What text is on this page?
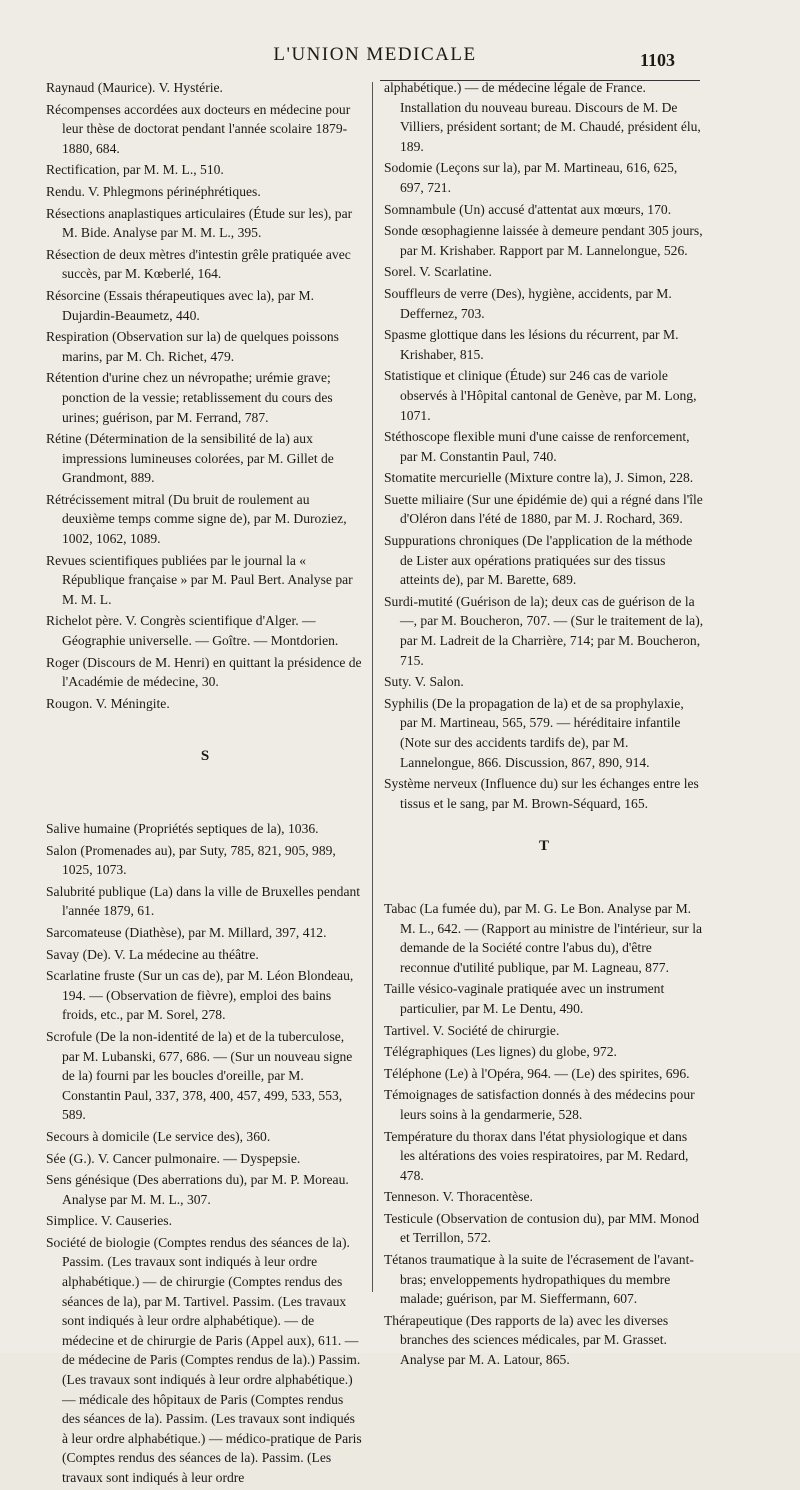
L'UNION MEDICALE	1103

Raynaud (Maurice). V. Hystérie.

Récompenses accordées aux docteurs en médecine pour leur thèse de doctorat pendant l'année scolaire 1879-1880, 684.

Rectification, par M. M. L., 510.

Rendu. V. Phlegmons périnéphrétiques.

Résections anaplastiques articulaires (Étude sur les), par M. Bide. Analyse par M. M. L., 395.

Résection de deux mètres d'intestin grêle pratiquée avec succès, par M. Kœberlé, 164.

Résorcine (Essais thérapeutiques avec la), par M. Dujardin-Beaumetz, 440.

Respiration (Observation sur la) de quelques poissons marins, par M. Ch. Richet, 479.

Rétention d'urine chez un névropathe; urémie grave; ponction de la vessie; retablissement du cours des urines; guérison, par M. Ferrand, 787.

Rétine (Détermination de la sensibilité de la) aux impressions lumineuses colorées, par M. Gillet de Grandmont, 889.

Rétrécissement mitral (Du bruit de roulement au deuxième temps comme signe de), par M. Duroziez, 1002, 1062, 1089.

Revues scientifiques publiées par le journal la « République française » par M. Paul Bert. Analyse par M. M. L.

Richelot père. V. Congrès scientifique d'Alger. — Géographie universelle. — Goître. — Montdorien.

Roger (Discours de M. Henri) en quittant la présidence de l'Académie de médecine, 30.

Rougon. V. Méningite.

S

Salive humaine (Propriétés septiques de la), 1036.

Salon (Promenades au), par Suty, 785, 821, 905, 989, 1025, 1073.

Salubrité publique (La) dans la ville de Bruxelles pendant l'année 1879, 61.

Sarcomateuse (Diathèse), par M. Millard, 397, 412.

Savay (De). V. La médecine au théâtre.

Scarlatine fruste (Sur un cas de), par M. Léon Blondeau, 194. — (Observation de fièvre), emploi des bains froids, etc., par M. Sorel, 278.

Scrofule (De la non-identité de la) et de la tuberculose, par M. Lubanski, 677, 686. — (Sur un nouveau signe de la) fourni par les boucles d'oreille, par M. Constantin Paul, 337, 378, 400, 457, 499, 533, 553, 589.

Secours à domicile (Le service des), 360.

Sée (G.). V. Cancer pulmonaire. — Dyspepsie.

Sens génésique (Des aberrations du), par M. P. Moreau. Analyse par M. M. L., 307.

Simplice. V. Causeries.

Société de biologie (Comptes rendus des séances de la). Passim. (Les travaux sont indiqués à leur ordre alphabétique.) — de chirurgie (Comptes rendus des séances de la), par M. Tartivel. Passim. (Les travaux sont indiqués à leur ordre alphabétique). — de médecine et de chirurgie de Paris (Appel aux), 611. — de médecine de Paris (Comptes rendus de la).) Passim. (Les travaux sont indiqués à leur ordre alphabétique.) — médicale des hôpitaux de Paris (Comptes rendus des séances de la). Passim. (Les travaux sont indiqués à leur ordre alphabétique.) — médico-pratique de Paris (Comptes rendus des séances de la). Passim. (Les travaux sont indiqués à leur ordre

alphabétique.) — de médecine légale de France. Installation du nouveau bureau. Discours de M. De Villiers, président sortant; de M. Chaudé, président élu, 189.

Sodomie (Leçons sur la), par M. Martineau, 616, 625, 697, 721.

Somnambule (Un) accusé d'attentat aux mœurs, 170.

Sonde œsophagienne laissée à demeure pendant 305 jours, par M. Krishaber. Rapport par M. Lannelongue, 526.

Sorel. V. Scarlatine.

Souffleurs de verre (Des), hygiène, accidents, par M. Deffernez, 703.

Spasme glottique dans les lésions du récurrent, par M. Krishaber, 815.

Statistique et clinique (Étude) sur 246 cas de variole observés à l'Hôpital cantonal de Genève, par M. Long, 1071.

Stéthoscope flexible muni d'une caisse de renforcement, par M. Constantin Paul, 740.

Stomatite mercurielle (Mixture contre la), J. Simon, 228.

Suette miliaire (Sur une épidémie de) qui a régné dans l'île d'Oléron dans l'été de 1880, par M. J. Rochard, 369.

Suppurations chroniques (De l'application de la méthode de Lister aux opérations pratiquées sur des tissus atteints de), par M. Barette, 689.

Surdi-mutité (Guérison de la); deux cas de guérison de la —, par M. Boucheron, 707. — (Sur le traitement de la), par M. Ladreit de la Charrière, 714; par M. Boucheron, 715.

Suty. V. Salon.

Syphilis (De la propagation de la) et de sa prophylaxie, par M. Martineau, 565, 579. — héréditaire infantile (Note sur des accidents tardifs de), par M. Lannelongue, 866. Discussion, 867, 890, 914.

Système nerveux (Influence du) sur les échanges entre les tissus et le sang, par M. Brown-Séquard, 165.

T

Tabac (La fumée du), par M. G. Le Bon. Analyse par M. M. L., 642. — (Rapport au ministre de l'intérieur, sur la demande de la Société contre l'abus du), d'être reconnue d'utilité publique, par M. Lagneau, 877.

Taille vésico-vaginale pratiquée avec un instrument particulier, par M. Le Dentu, 490.

Tartivel. V. Société de chirurgie.

Télégraphiques (Les lignes) du globe, 972.

Téléphone (Le) à l'Opéra, 964. — (Le) des spirites, 696.

Témoignages de satisfaction donnés à des médecins pour leurs soins à la gendarmerie, 528.

Température du thorax dans l'état physiologique et dans les altérations des voies respiratoires, par M. Redard, 478.

Tenneson. V. Thoracentèse.

Testicule (Observation de contusion du), par MM. Monod et Terrillon, 572.

Tétanos traumatique à la suite de l'écrasement de l'avant-bras; enveloppements hydropathiques du membre malade; guérison, par M. Sieffermann, 607.

Thérapeutique (Des rapports de la) avec les diverses branches des sciences médicales, par M. Grasset. Analyse par M. A. Latour, 865.
